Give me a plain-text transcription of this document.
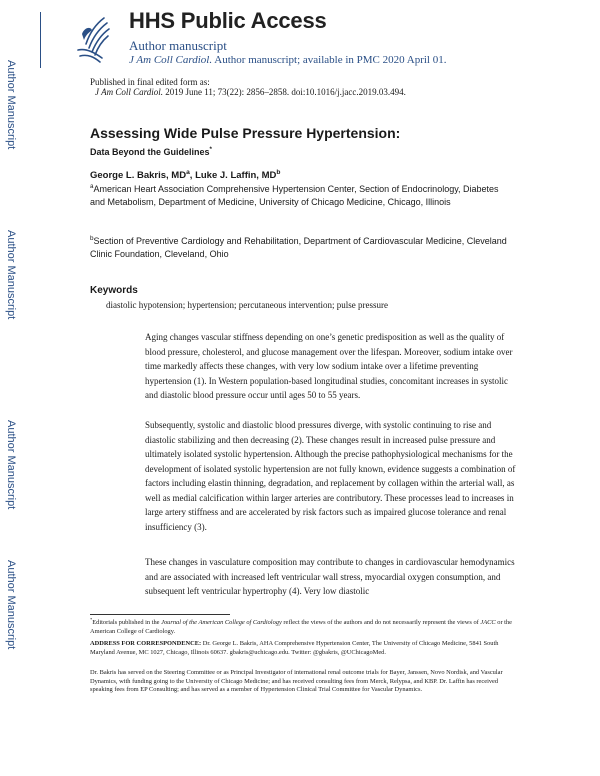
Author Manuscript
Author Manuscript
Author Manuscript
Author Manuscript
HHS Public Access
Author manuscript
J Am Coll Cardiol. Author manuscript; available in PMC 2020 April 01.
Published in final edited form as:
J Am Coll Cardiol. 2019 June 11; 73(22): 2856–2858. doi:10.1016/j.jacc.2019.03.494.
Assessing Wide Pulse Pressure Hypertension:
Data Beyond the Guidelines*
George L. Bakris, $MD^a$, Luke J. Laffin, $MD^b$
$^a$American Heart Association Comprehensive Hypertension Center, Section of Endocrinology, Diabetes and Metabolism, Department of Medicine, University of Chicago Medicine, Chicago, Illinois
$^b$Section of Preventive Cardiology and Rehabilitation, Department of Cardiovascular Medicine, Cleveland Clinic Foundation, Cleveland, Ohio
Keywords
diastolic hypotension; hypertension; percutaneous intervention; pulse pressure

Aging changes vascular stiffness depending on one’s genetic predisposition as well as the quality of blood pressure, cholesterol, and glucose management over the lifespan. Moreover, sodium intake over time markedly affects these changes, with very low sodium intake over a lifetime preventing hypertension (1). In Western population-based longitudinal studies, concomitant increases in systolic and diastolic blood pressure occur until ages 50 to 55 years.

Subsequently, systolic and diastolic blood pressures diverge, with systolic continuing to rise and diastolic stabilizing and then decreasing (2). These changes result in increased pulse pressure and ultimately isolated systolic hypertension. Although the precise pathophysiological mechanisms for the development of isolated systolic hypertension are not fully known, evidence suggests a combination of factors including elastin thinning, degradation, and replacement by collagen within the arterial wall, as well as medial calcification within larger arteries are contributory. These processes lead to increases in large artery stiffness and are accelerated by risk factors such as impaired glucose tolerance and renal insufficiency (3).

These changes in vasculature composition may contribute to changes in cardiovascular hemodynamics and are associated with increased left ventricular wall stress, myocardial oxygen consumption, and subsequent left ventricular hypertrophy (4). Very low diastolic

*Editorials published in the Journal of the American College of Cardiology reflect the views of the authors and do not necessarily represent the views of JACC or the American College of Cardiology.
ADDRESS FOR CORRESPONDENCE: Dr. George L. Bakris, AHA Comprehensive Hypertension Center, The University of Chicago Medicine, 5841 South Maryland Avenue, MC 1027, Chicago, Illinois 60637. gbakris@uchicago.edu. Twitter: @gbakris, @UChicagoMed.
Dr. Bakris has served on the Steering Committee or as Principal Investigator of international renal outcome trials for Bayer, Janssen, Novo Nordisk, and Vascular Dynamics, with funding going to the University of Chicago Medicine; and has received consulting fees from Merck, Relypsa, and KBP. Dr. Laffin has received speaking fees from EP Consulting; and has served as a member of Hypertension Clinical Trial Committee for Vascular Dynamics.
